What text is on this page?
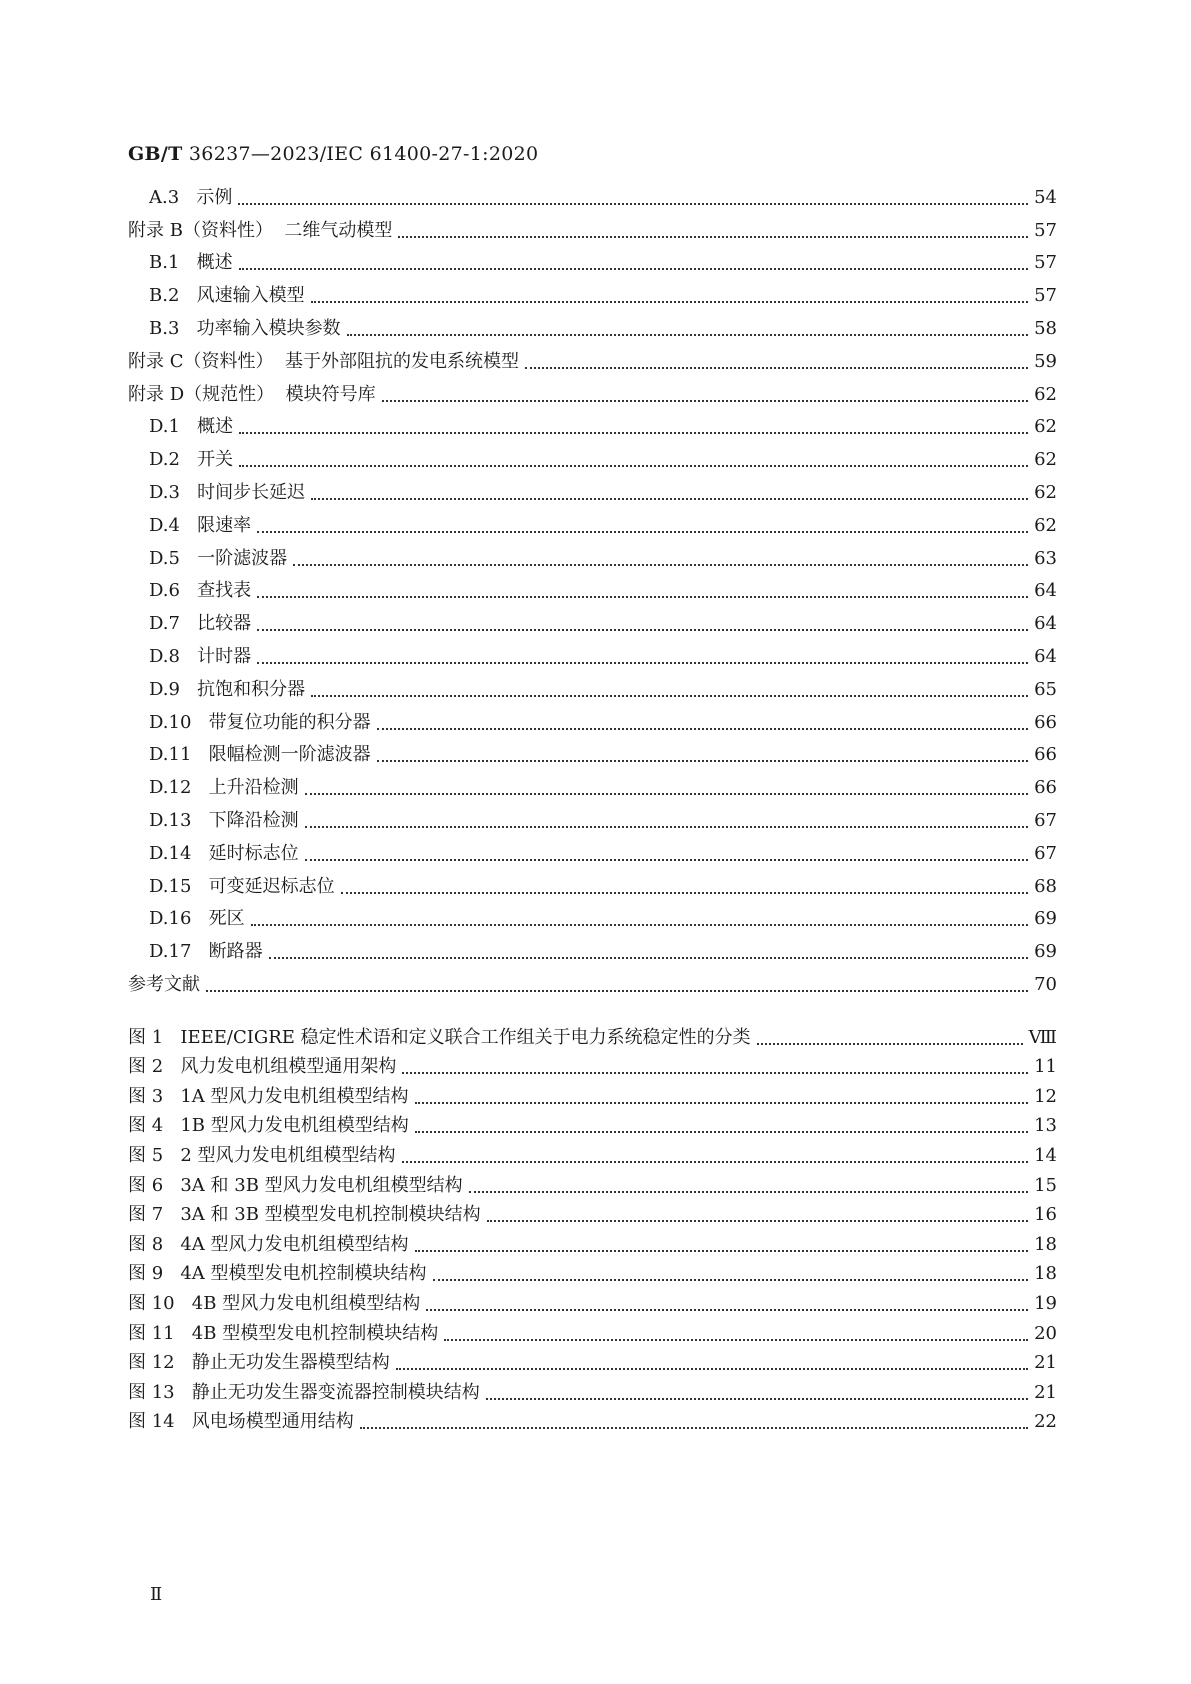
GB/T 36237—2023/IEC 61400-27-1:2020
A.3 示例	54
附录 B（资料性） 二维气动模型	57
B.1 概述	57
B.2 风速输入模型	57
B.3 功率输入模块参数	58
附录 C（资料性） 基于外部阻抗的发电系统模型	59
附录 D（规范性） 模块符号库	62
D.1 概述	62
D.2 开关	62
D.3 时间步长延迟	62
D.4 限速率	62
D.5 一阶滤波器	63
D.6 查找表	64
D.7 比较器	64
D.8 计时器	64
D.9 抗饱和积分器	65
D.10 带复位功能的积分器	66
D.11 限幅检测一阶滤波器	66
D.12 上升沿检测	66
D.13 下降沿检测	67
D.14 延时标志位	67
D.15 可变延迟标志位	68
D.16 死区	69
D.17 断路器	69
参考文献	70
图 1 IEEE/CIGRE 稳定性术语和定义联合工作组关于电力系统稳定性的分类	Ⅷ
图 2 风力发电机组模型通用架构	11
图 3 1A 型风力发电机组模型结构	12
图 4 1B 型风力发电机组模型结构	13
图 5 2 型风力发电机组模型结构	14
图 6 3A 和 3B 型风力发电机组模型结构	15
图 7 3A 和 3B 型模型发电机控制模块结构	16
图 8 4A 型风力发电机组模型结构	18
图 9 4A 型模型发电机控制模块结构	18
图 10 4B 型风力发电机组模型结构	19
图 11 4B 型模型发电机控制模块结构	20
图 12 静止无功发生器模型结构	21
图 13 静止无功发生器变流器控制模块结构	21
图 14 风电场模型通用结构	22
Ⅱ
